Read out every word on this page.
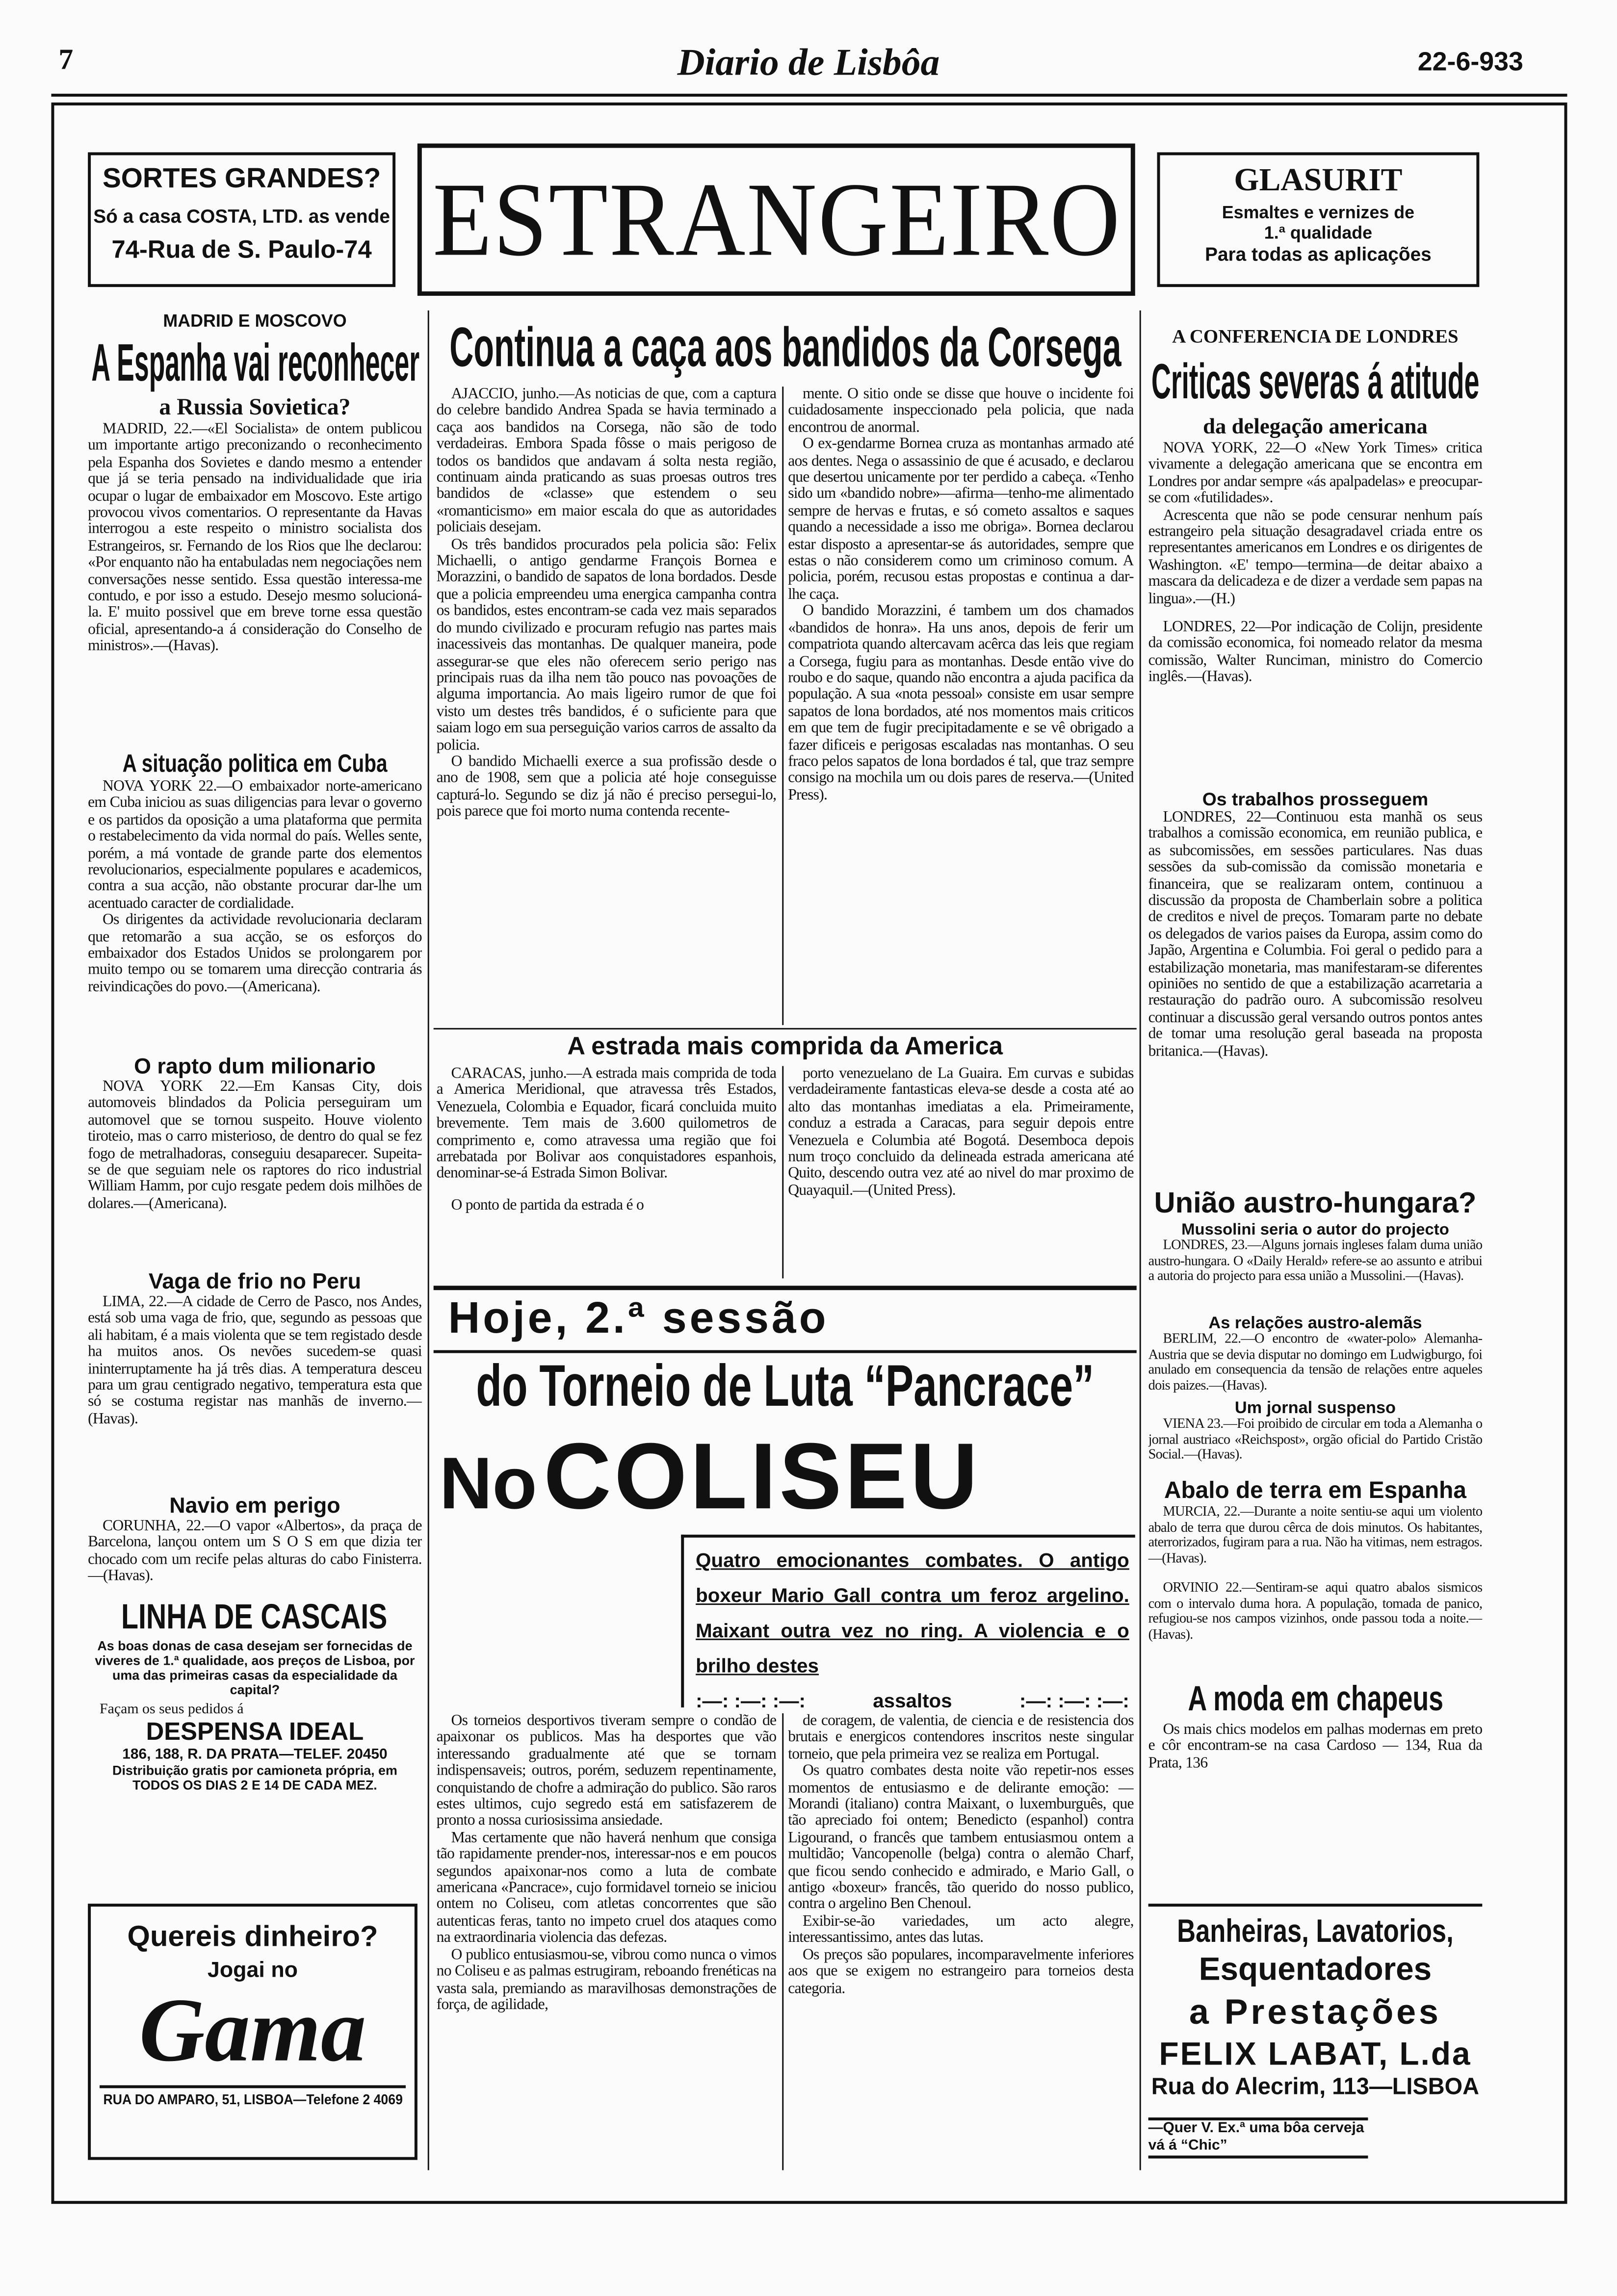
7	Diario de Lisbôa	22-6-933
SORTES GRANDES?
Só a casa COSTA, LTD. as vende
74-Rua de S. Paulo-74	ESTRANGEIRO	GLASURIT
Esmaltes e vernizes de
1.ª qualidade
Para todas as aplicações
MADRID E MOSCOVO
A Espanha vai reconhecer
a Russia Sovietica?

MADRID, 22.—«El Socialista» de ontem publicou um importante artigo preconizando o reconhecimento pela Espanha dos Sovietes e dando mesmo a entender que já se teria pensado na individualidade que iria ocupar o lugar de embaixador em Moscovo. Este artigo provocou vivos comentarios. O representante da Havas interrogou a este respeito o ministro socialista dos Estrangeiros, sr. Fernando de los Rios que lhe declarou: «Por enquanto não ha entabuladas nem negociações nem conversações nesse sentido. Essa questão interessa-me contudo, e por isso a estudo. Desejo mesmo solucioná-la. E' muito possivel que em breve torne essa questão oficial, apresentando-a á consideração do Conselho de ministros».—(Havas).

A situação politica em Cuba

NOVA YORK 22.—O embaixador norte-americano em Cuba iniciou as suas diligencias para levar o governo e os partidos da oposição a uma plataforma que permita o restabelecimento da vida normal do país. Welles sente, porém, a má vontade de grande parte dos elementos revolucionarios, especialmente populares e academicos, contra a sua acção, não obstante procurar dar-lhe um acentuado caracter de cordialidade.

Os dirigentes da actividade revolucionaria declaram que retomarão a sua acção, se os esforços do embaixador dos Estados Unidos se prolongarem por muito tempo ou se tomarem uma direcção contraria ás reivindicações do povo.—(Americana).

O rapto dum milionario

NOVA YORK 22.—Em Kansas City, dois automoveis blindados da Policia perseguiram um automovel que se tornou suspeito. Houve violento tiroteio, mas o carro misterioso, de dentro do qual se fez fogo de metralhadoras, conseguiu desaparecer. Supeita-se de que seguiam nele os raptores do rico industrial William Hamm, por cujo resgate pedem dois milhões de dolares.—(Americana).

Vaga de frio no Peru

LIMA, 22.—A cidade de Cerro de Pasco, nos Andes, está sob uma vaga de frio, que, segundo as pessoas que ali habitam, é a mais violenta que se tem registado desde ha muitos anos. Os nevões sucedem-se quasi ininterruptamente ha já três dias. A temperatura desceu para um grau centigrado negativo, temperatura esta que só se costuma registar nas manhãs de inverno.—(Havas).

Navio em perigo

CORUNHA, 22.—O vapor «Albertos», da praça de Barcelona, lançou ontem um S O S em que dizia ter chocado com um recife pelas alturas do cabo Finisterra.—(Havas).

LINHA DE CASCAIS
As boas donas de casa desejam ser fornecidas de viveres de 1.ª qualidade, aos preços de Lisboa, por uma das primeiras casas da especialidade da capital?
Façam os seus pedidos á
DESPENSA IDEAL
186, 188, R. DA PRATA—TELEF. 20450
Distribuição gratis por camioneta própria, em TODOS OS DIAS 2 E 14 DE CADA MEZ.
Quereis dinheiro?
Jogai no
Gama
RUA DO AMPARO, 51, LISBOA—Telefone 2 4069
Continua a caça aos bandidos da Corsega

AJACCIO, junho.—As noticias de que, com a captura do celebre bandido Andrea Spada se havia terminado a caça aos bandidos na Corsega, não são de todo verdadeiras. Embora Spada fôsse o mais perigoso de todos os bandidos que andavam á solta nesta região, continuam ainda praticando as suas proesas outros tres bandidos de «classe» que estendem o seu «romanticismo» em maior escala do que as autoridades policiais desejam.

Os três bandidos procurados pela policia são: Felix Michaelli, o antigo gendarme François Bornea e Morazzini, o bandido de sapatos de lona bordados. Desde que a policia empreendeu uma energica campanha contra os bandidos, estes encontram-se cada vez mais separados do mundo civilizado e procuram refugio nas partes mais inacessiveis das montanhas. De qualquer maneira, pode assegurar-se que eles não oferecem serio perigo nas principais ruas da ilha nem tão pouco nas povoações de alguma importancia. Ao mais ligeiro rumor de que foi visto um destes três bandidos, é o suficiente para que saiam logo em sua perseguição varios carros de assalto da policia.

O bandido Michaelli exerce a sua profissão desde o ano de 1908, sem que a policia até hoje conseguisse capturá-lo. Segundo se diz já não é preciso persegui-lo, pois parece que foi morto numa contenda recente-

mente. O sitio onde se disse que houve o incidente foi cuidadosamente inspeccionado pela policia, que nada encontrou de anormal.

O ex-gendarme Bornea cruza as montanhas armado até aos dentes. Nega o assassinio de que é acusado, e declarou que desertou unicamente por ter perdido a cabeça. «Tenho sido um «bandido nobre»—afirma—tenho-me alimentado sempre de hervas e frutas, e só cometo assaltos e saques quando a necessidade a isso me obriga». Bornea declarou estar disposto a apresentar-se ás autoridades, sempre que estas o não considerem como um criminoso comum. A policia, porém, recusou estas propostas e continua a dar-lhe caça.

O bandido Morazzini, é tambem um dos chamados «bandidos de honra». Ha uns anos, depois de ferir um compatriota quando altercavam acêrca das leis que regiam a Corsega, fugiu para as montanhas. Desde então vive do roubo e do saque, quando não encontra a ajuda pacifica da população. A sua «nota pessoal» consiste em usar sempre sapatos de lona bordados, até nos momentos mais criticos em que tem de fugir precipitadamente e se vê obrigado a fazer dificeis e perigosas escaladas nas montanhas. O seu fraco pelos sapatos de lona bordados é tal, que traz sempre consigo na mochila um ou dois pares de reserva.—(United Press).

A estrada mais comprida da America

CARACAS, junho.—A estrada mais comprida de toda a America Meridional, que atravessa três Estados, Venezuela, Colombia e Equador, ficará concluida muito brevemente. Tem mais de 3.600 quilometros de comprimento e, como atravessa uma região que foi arrebatada por Bolivar aos conquistadores espanhois, denominar-se-á Estrada Simon Bolivar.

O ponto de partida da estrada é o

porto venezuelano de La Guaira. Em curvas e subidas verdadeiramente fantasticas eleva-se desde a costa até ao alto das montanhas imediatas a ela. Primeiramente, conduz a estrada a Caracas, para seguir depois entre Venezuela e Columbia até Bogotá. Desemboca depois num troço concluido da delineada estrada americana até Quito, descendo outra vez até ao nivel do mar proximo de Quayaquil.—(United Press).

Hoje, 2.ª sessão
do Torneio de Luta “Pancrace”
No COLISEU
Quatro emocionantes combates. O antigo boxeur Mario Gall contra um feroz argelino. Maixant outra vez no ring. A violencia e o brilho destes
:—: :—: :—:	assaltos	:—: :—: :—:

Os torneios desportivos tiveram sempre o condão de apaixonar os publicos. Mas ha desportes que vão interessando gradualmente até que se tornam indispensaveis; outros, porém, seduzem repentinamente, conquistando de chofre a admiração do publico. São raros estes ultimos, cujo segredo está em satisfazerem de pronto a nossa curiosissima ansiedade.

Mas certamente que não haverá nenhum que consiga tão rapidamente prender-nos, interessar-nos e em poucos segundos apaixonar-nos como a luta de combate americana «Pancrace», cujo formidavel torneio se iniciou ontem no Coliseu, com atletas concorrentes que são autenticas feras, tanto no impeto cruel dos ataques como na extraordinaria violencia das defezas.

O publico entusiasmou-se, vibrou como nunca o vimos no Coliseu e as palmas estrugiram, reboando frenéticas na vasta sala, premiando as maravilhosas demonstrações de força, de agilidade,

de coragem, de valentia, de ciencia e de resistencia dos brutais e energicos contendores inscritos neste singular torneio, que pela primeira vez se realiza em Portugal.

Os quatro combates desta noite vão repetir-nos esses momentos de entusiasmo e de delirante emoção: — Morandi (italiano) contra Maixant, o luxemburguês, que tão apreciado foi ontem; Benedicto (espanhol) contra Ligourand, o francês que tambem entusiasmou ontem a multidão; Vancopenolle (belga) contra o alemão Charf, que ficou sendo conhecido e admirado, e Mario Gall, o antigo «boxeur» francês, tão querido do nosso publico, contra o argelino Ben Chenoul.

Exibir-se-ão variedades, um acto alegre, interessantissimo, antes das lutas.

Os preços são populares, incomparavelmente inferiores aos que se exigem no estrangeiro para torneios desta categoria.

A CONFERENCIA DE LONDRES
Criticas severas á atitude
da delegação americana

NOVA YORK, 22—O «New York Times» critica vivamente a delegação americana que se encontra em Londres por andar sempre «ás apalpadelas» e preocupar-se com «futilidades».

Acrescenta que não se pode censurar nenhum país estrangeiro pela situação desagradavel criada entre os representantes americanos em Londres e os dirigentes de Washington. «E' tempo—termina—de deitar abaixo a mascara da delicadeza e de dizer a verdade sem papas na lingua».—(H.)

LONDRES, 22—Por indicação de Colijn, presidente da comissão economica, foi nomeado relator da mesma comissão, Walter Runciman, ministro do Comercio inglês.—(Havas).

Os trabalhos prosseguem

LONDRES, 22—Continuou esta manhã os seus trabalhos a comissão economica, em reunião publica, e as subcomissões, em sessões particulares. Nas duas sessões da sub-comissão da comissão monetaria e financeira, que se realizaram ontem, continuou a discussão da proposta de Chamberlain sobre a politica de creditos e nivel de preços. Tomaram parte no debate os delegados de varios paises da Europa, assim como do Japão, Argentina e Columbia. Foi geral o pedido para a estabilização monetaria, mas manifestaram-se diferentes opiniões no sentido de que a estabilização acarretaria a restauração do padrão ouro. A subcomissão resolveu continuar a discussão geral versando outros pontos antes de tomar uma resolução geral baseada na proposta britanica.—(Havas).

União austro-hungara?
Mussolini seria o autor do projecto

LONDRES, 23.—Alguns jornais ingleses falam duma união austro-hungara. O «Daily Herald» refere-se ao assunto e atribui a autoria do projecto para essa união a Mussolini.—(Havas).

As relações austro-alemãs

BERLIM, 22.—O encontro de «water-polo» Alemanha-Austria que se devia disputar no domingo em Ludwigburgo, foi anulado em consequencia da tensão de relações entre aqueles dois paizes.—(Havas).

Um jornal suspenso

VIENA 23.—Foi proibido de circular em toda a Alemanha o jornal austriaco «Reichspost», orgão oficial do Partido Cristão Social.—(Havas).

Abalo de terra em Espanha

MURCIA, 22.—Durante a noite sentiu-se aqui um violento abalo de terra que durou cêrca de dois minutos. Os habitantes, aterrorizados, fugiram para a rua. Não ha vitimas, nem estragos.—(Havas).

ORVINIO 22.—Sentiram-se aqui quatro abalos sismicos com o intervalo duma hora. A população, tomada de panico, refugiou-se nos campos vizinhos, onde passou toda a noite.—(Havas).

A moda em chapeus

Os mais chics modelos em palhas modernas em preto e côr encontram-se na casa Cardoso — 134, Rua da Prata, 136

Banheiras, Lavatorios,
Esquentadores
a Prestações
FELIX LABAT, L.da
Rua do Alecrim, 113—LISBOA
—Quer V. Ex.ª uma bôa cerveja vá á “Chic”
